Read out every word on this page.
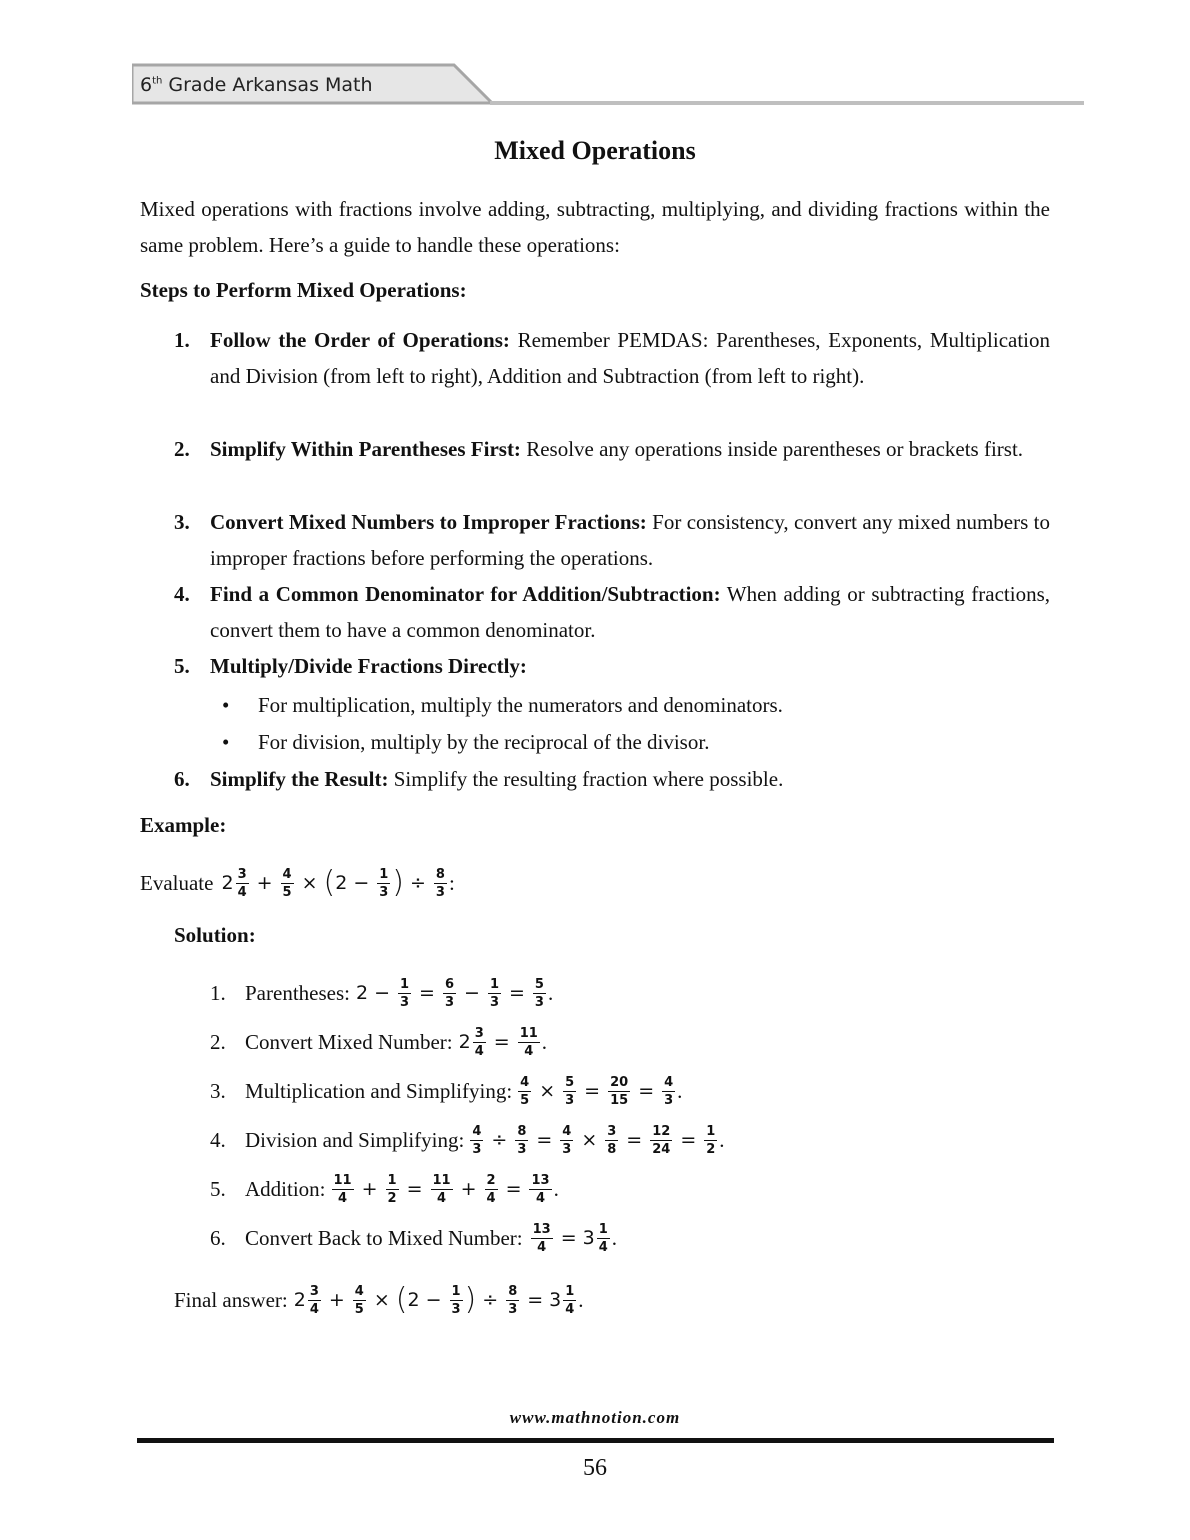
6th Grade Arkansas Math
Mixed Operations
Mixed operations with fractions involve adding, subtracting, multiplying, and dividing fractions within the same problem. Here’s a guide to handle these operations:
Steps to Perform Mixed Operations:
1. Follow the Order of Operations: Remember PEMDAS: Parentheses, Exponents, Multiplication and Division (from left to right), Addition and Subtraction (from left to right).
2. Simplify Within Parentheses First: Resolve any operations inside parentheses or brackets first.
3. Convert Mixed Numbers to Improper Fractions: For consistency, convert any mixed numbers to improper fractions before performing the operations.
4. Find a Common Denominator for Addition/Subtraction: When adding or subtracting fractions, convert them to have a common denominator.
5. Multiply/Divide Fractions Directly:
• For multiplication, multiply the numerators and denominators.
• For division, multiply by the reciprocal of the divisor.
6. Simplify the Result: Simplify the resulting fraction where possible.
Example:
Evaluate $2 \frac{3}{4} + \frac{4}{5}$ × ( $2 - \frac{1}{3}$ ) ÷ $\frac{8}{3}$ :
Solution:
1. Parentheses: $2 - \frac{1}{3} = \frac{6}{3} - \frac{1}{3} = \frac{5}{3}$ .
2. Convert Mixed Number: $2 \frac{3}{4} = \frac{11}{4}$ .
3. Multiplication and Simplifying: $\frac{4}{5} \times \frac{5}{3} = \frac{20}{15} = \frac{4}{3}$ .
4. Division and Simplifying: $\frac{4}{3} \div \frac{8}{3} = \frac{4}{3} \times \frac{3}{8} = \frac{12}{24} = \frac{1}{2}$ .
5. Addition: $\frac{11}{4} + \frac{1}{2} = \frac{11}{4} + \frac{2}{4} = \frac{13}{4}$ .
6. Convert Back to Mixed Number: $\frac{13}{4} = 3 \frac{1}{4}$ .
Final answer: $2 \frac{3}{4} + \frac{4}{5}$ × ( $2 - \frac{1}{3}$ ) ÷ $\frac{8}{3} = 3 \frac{1}{4}$ .
www.mathnotion.com
56
